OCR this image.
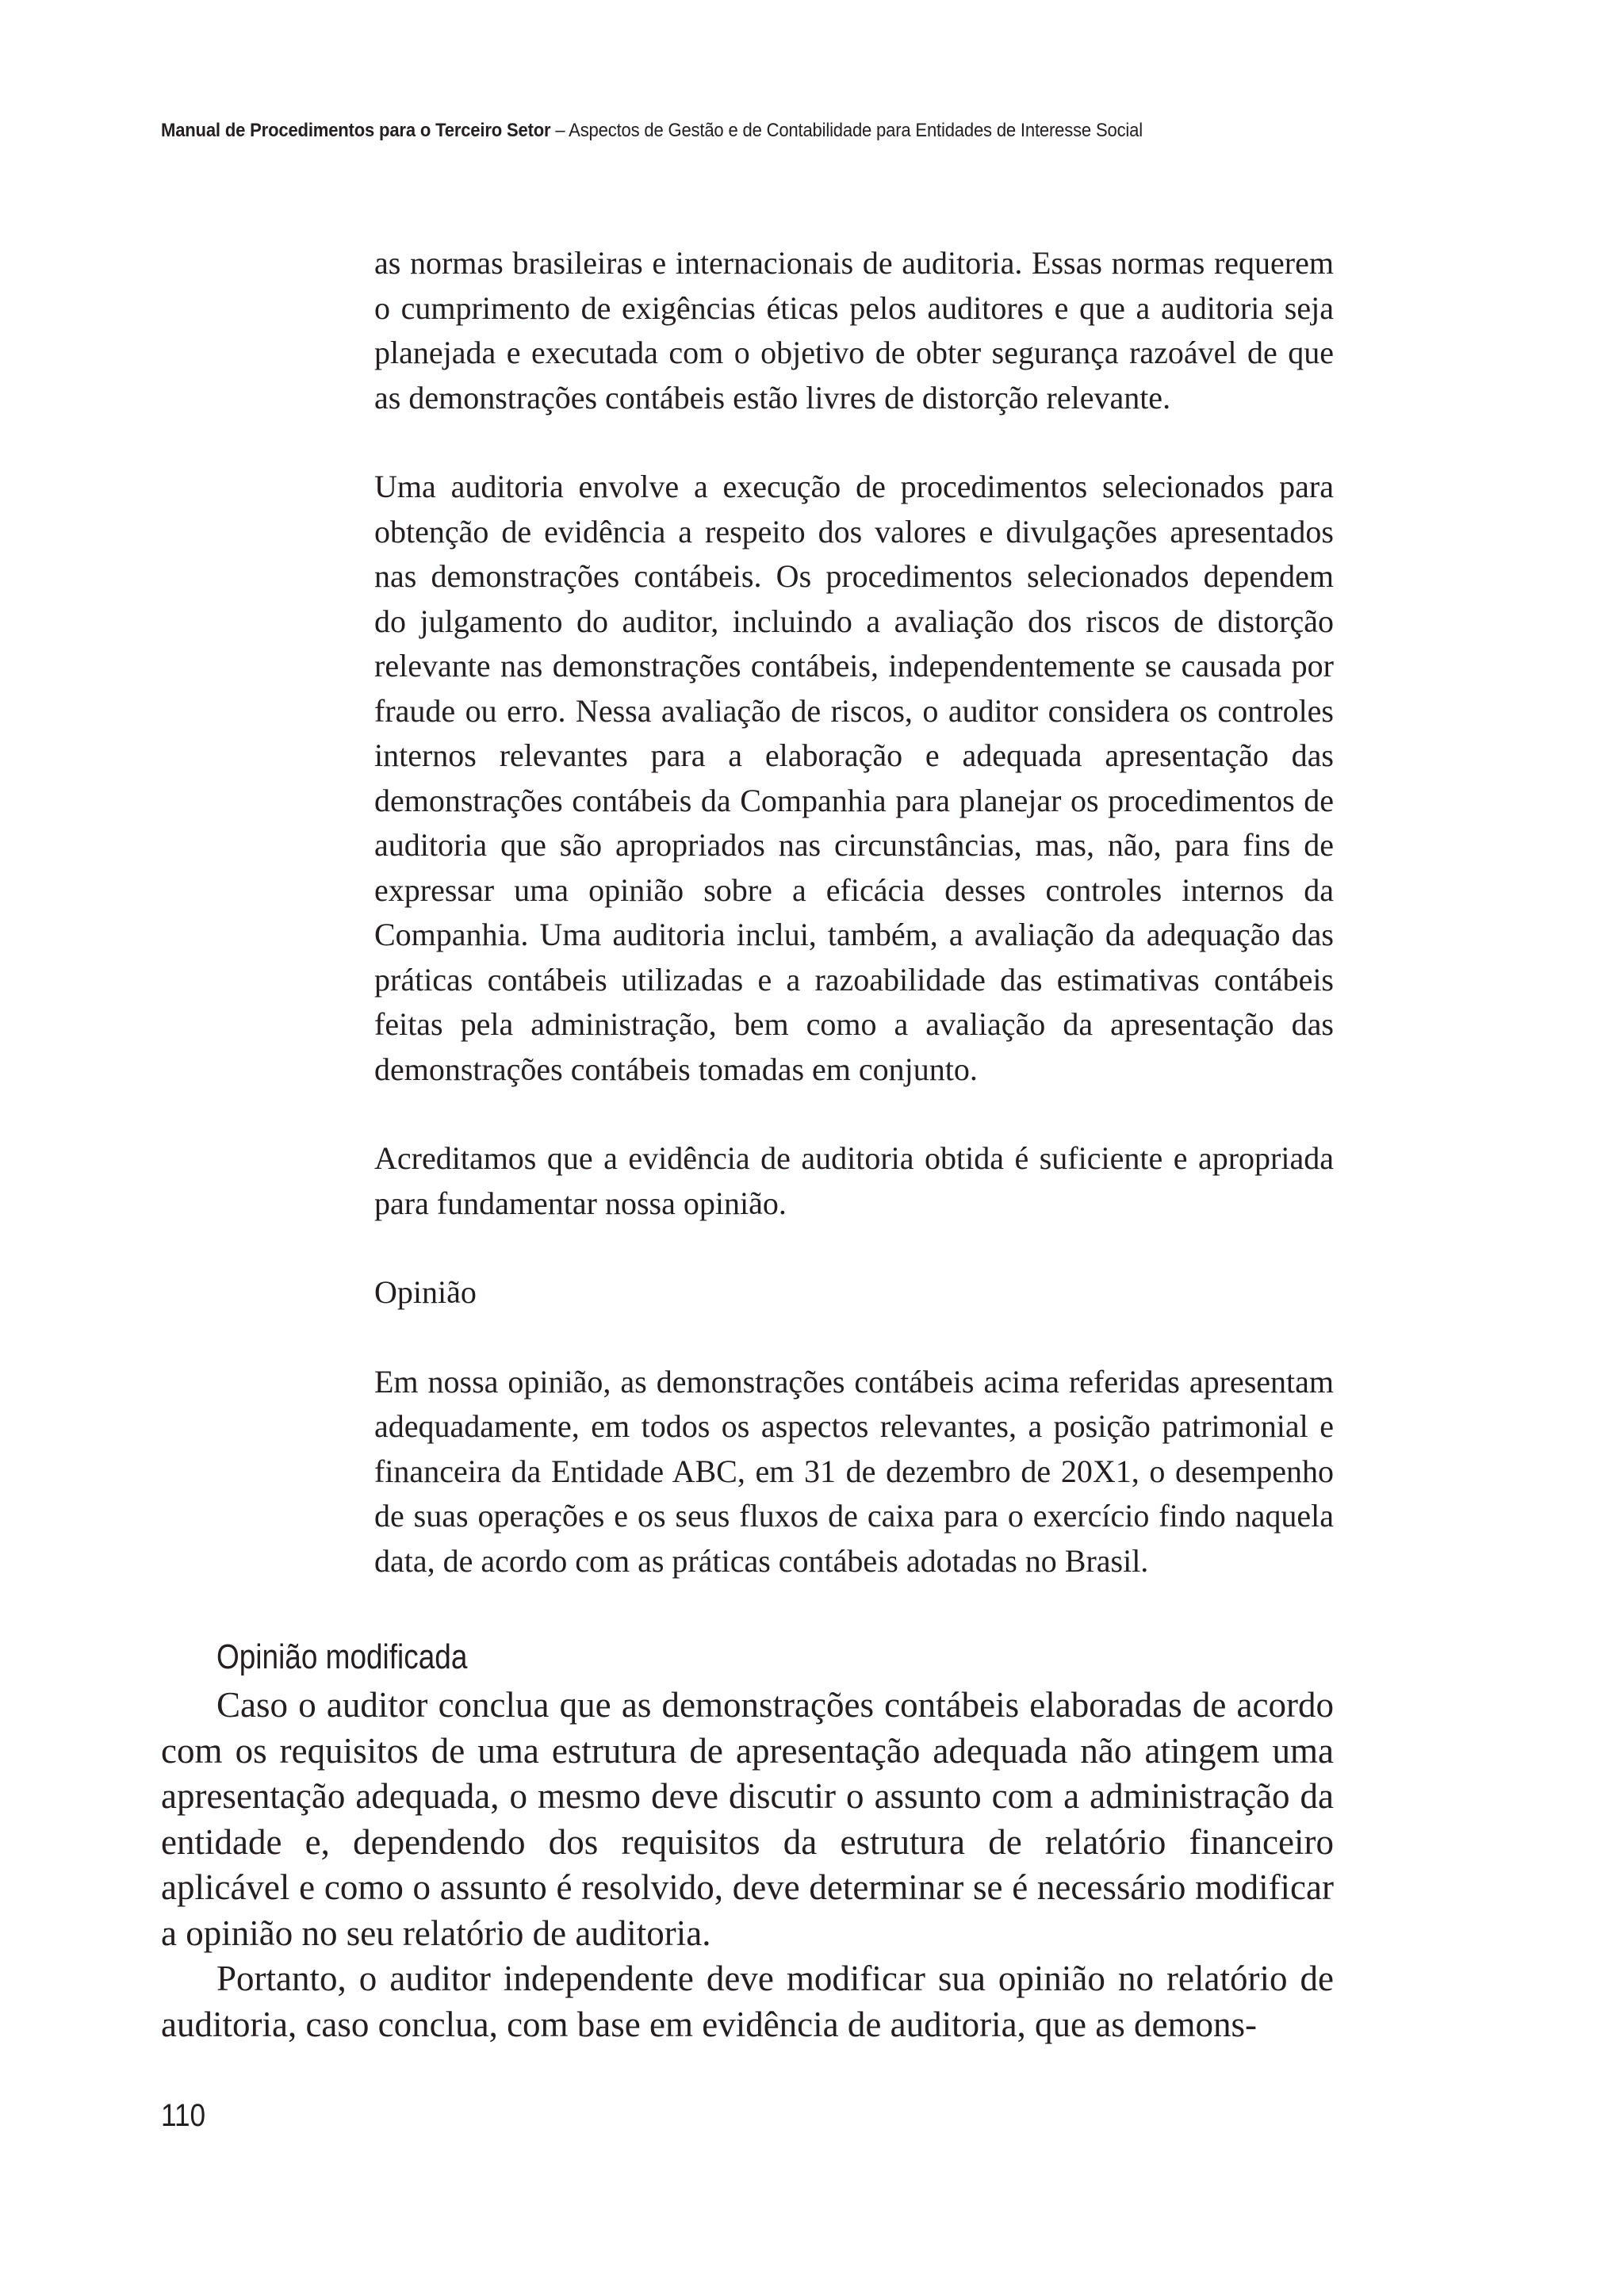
Manual de Procedimentos para o Terceiro Setor – Aspectos de Gestão e de Contabilidade para Entidades de Interesse Social

as normas brasileiras e internacionais de auditoria. Essas normas requerem o cumprimento de exigências éticas pelos auditores e que a auditoria seja planejada e executada com o objetivo de obter segurança razoável de que as demonstrações contábeis estão livres de distorção relevante.

Uma auditoria envolve a execução de procedimentos selecionados para obtenção de evidência a respeito dos valores e divulgações apresentados nas demonstrações contábeis. Os procedimentos selecionados dependem do julgamento do auditor, incluindo a avaliação dos riscos de distorção relevante nas demonstrações contábeis, independentemente se causada por fraude ou erro. Nessa avaliação de riscos, o auditor considera os controles internos relevantes para a elaboração e adequada apresentação das demonstrações contábeis da Companhia para planejar os procedimentos de auditoria que são apropriados nas circunstâncias, mas, não, para fins de expressar uma opinião sobre a eficácia desses controles internos da Companhia. Uma auditoria inclui, também, a avaliação da adequação das práticas contábeis utilizadas e a razoabilidade das estimativas contábeis feitas pela administração, bem como a avaliação da apresentação das demonstrações contábeis tomadas em conjunto.

Acreditamos que a evidência de auditoria obtida é suficiente e apropriada para fundamentar nossa opinião.

Opinião

Em nossa opinião, as demonstrações contábeis acima referidas apresentam adequadamente, em todos os aspectos relevantes, a posição patrimonial e financeira da Entidade ABC, em 31 de dezembro de 20X1, o desempenho de suas operações e os seus fluxos de caixa para o exercício findo naquela data, de acordo com as práticas contábeis adotadas no Brasil.

Opinião modificada

Caso o auditor conclua que as demonstrações contábeis elaboradas de acordo com os requisitos de uma estrutura de apresentação adequada não atingem uma apresentação adequada, o mesmo deve discutir o assunto com a administração da entidade e, dependendo dos requisitos da estrutura de relatório financeiro aplicável e como o assunto é resolvido, deve determinar se é necessário modificar a opinião no seu relatório de auditoria.

Portanto, o auditor independente deve modificar sua opinião no relatório de auditoria, caso conclua, com base em evidência de auditoria, que as demons-

110
